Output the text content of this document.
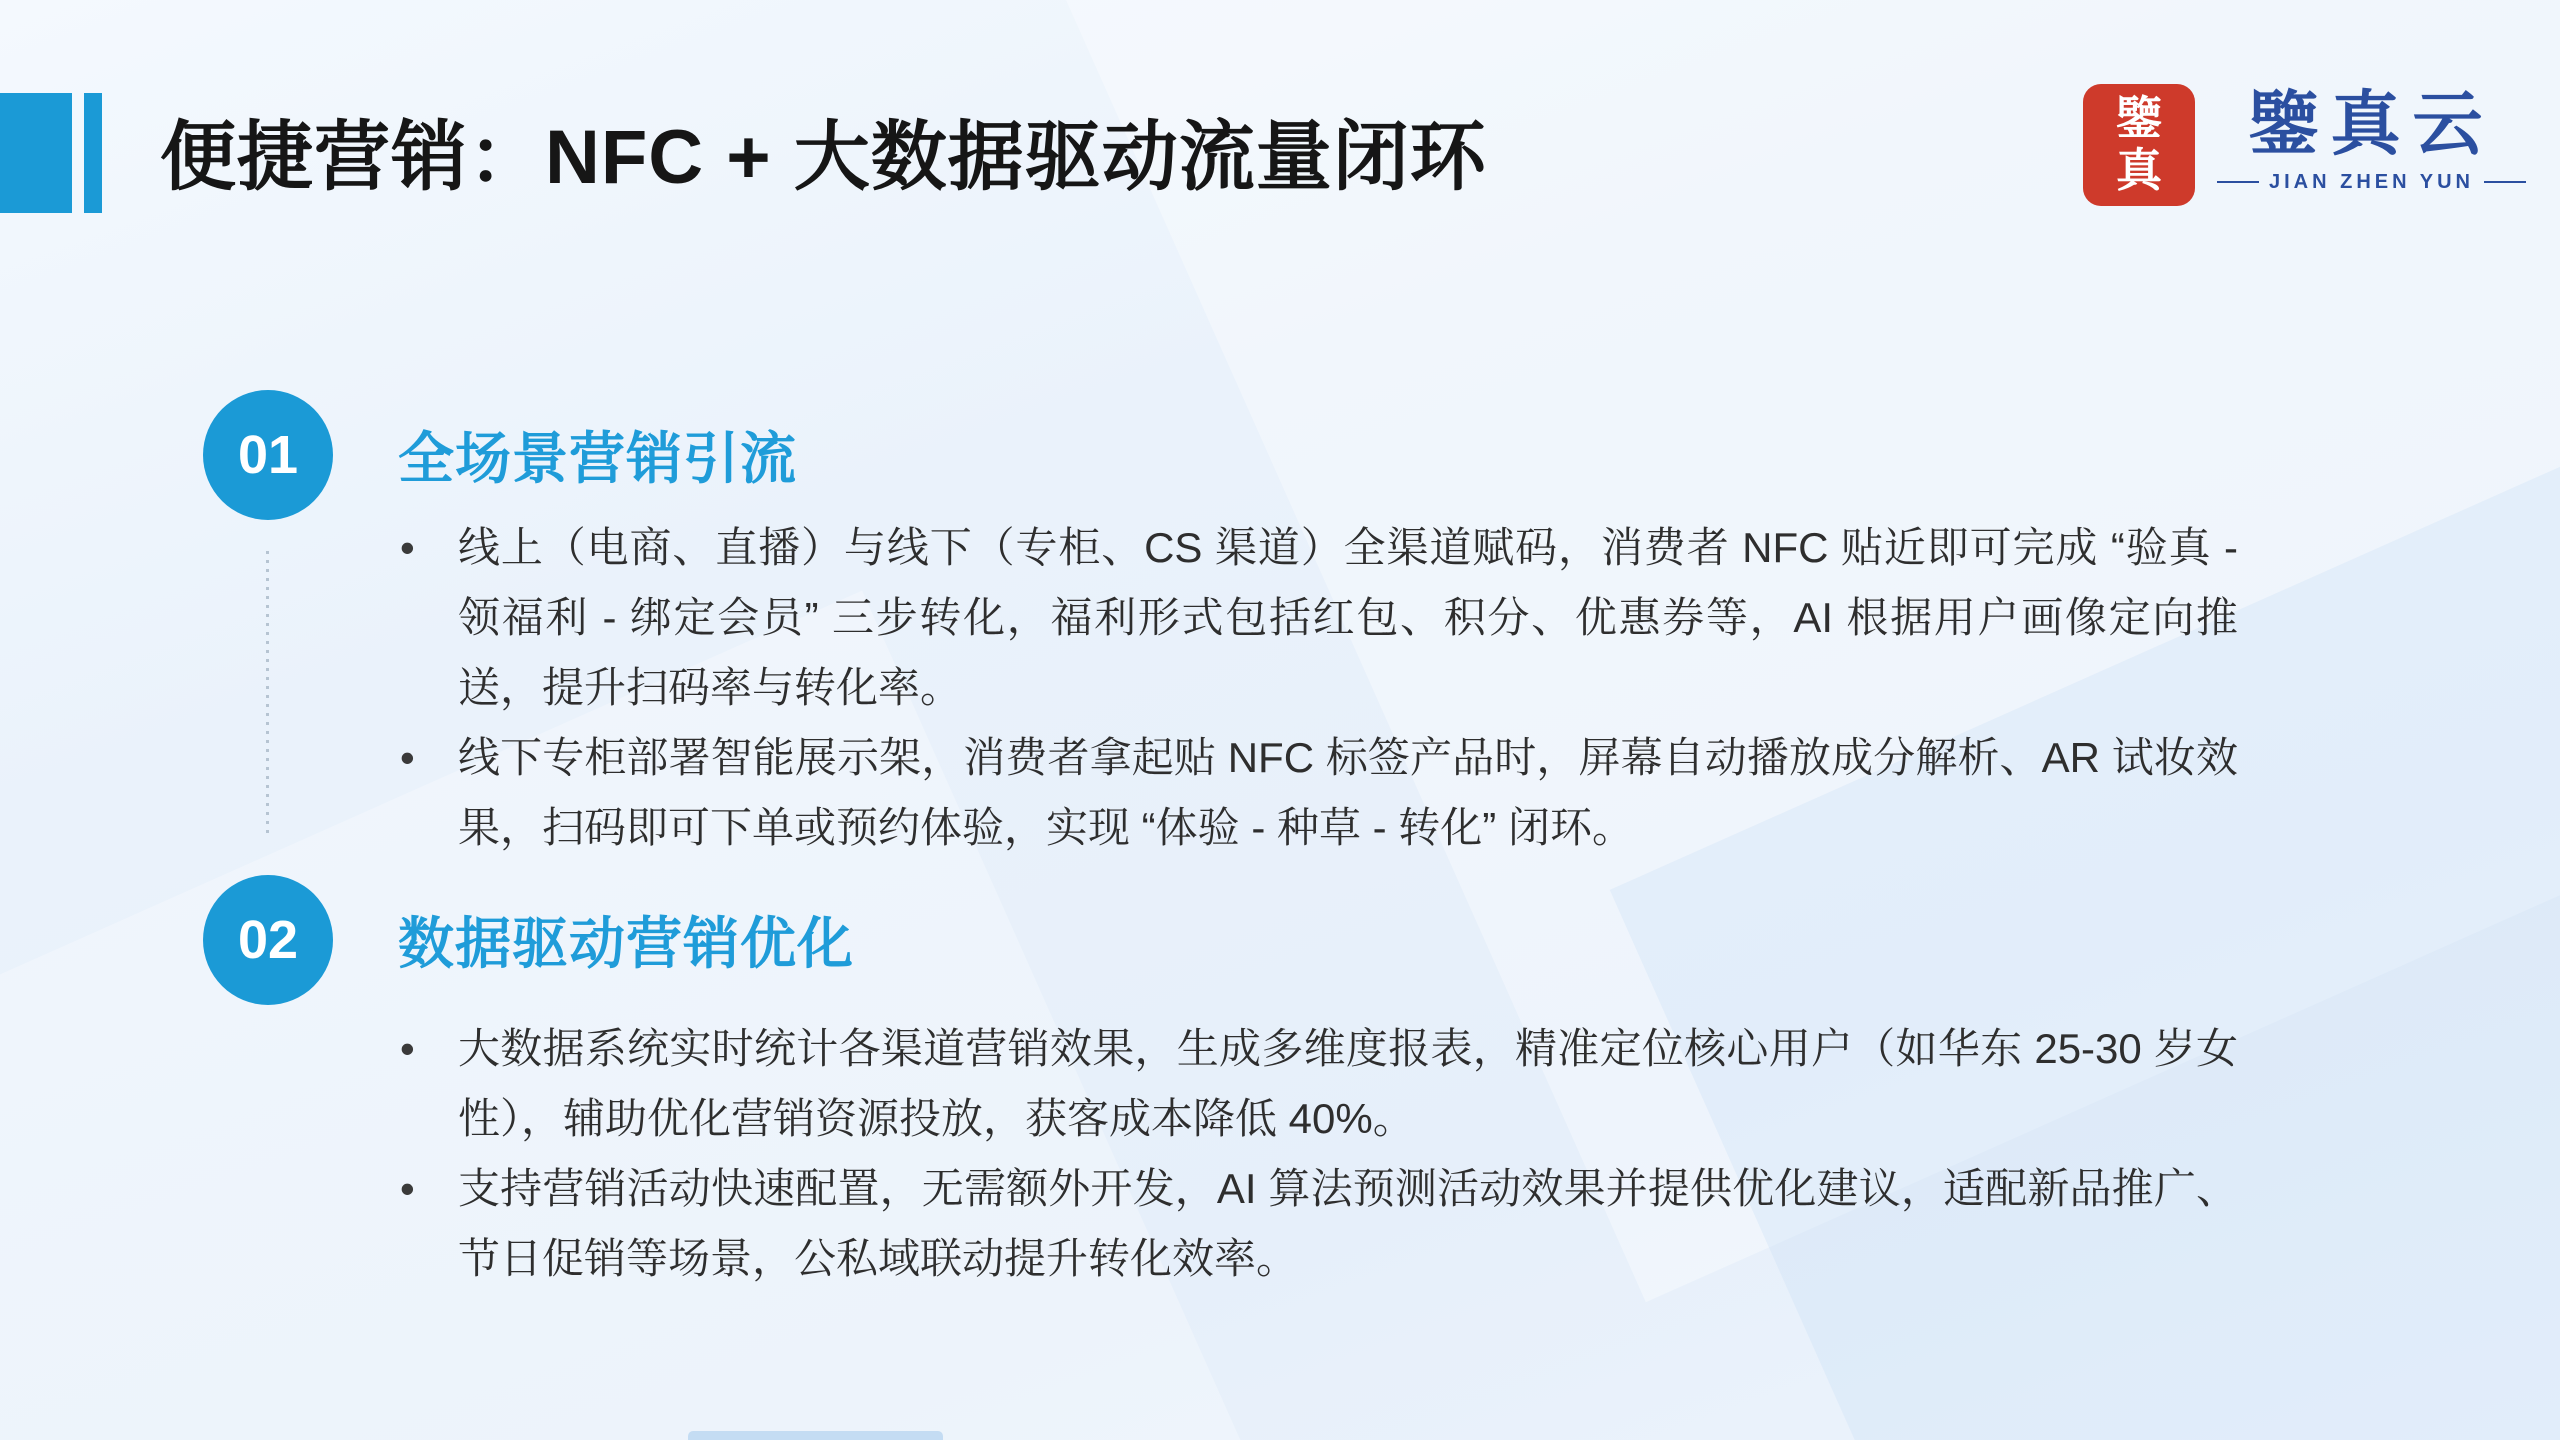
便捷营销：NFC + 大数据驱动流量闭环	鑒
真
鑒真云
JIAN ZHEN YUN
01 全场景营销引流
• 线上（电商、直播）与线下（专柜、CS 渠道）全渠道赋码，消费者 NFC 贴近即可完成 “验真 - 领福利 - 绑定会员” 三步转化，福利形式包括红包、积分、优惠券等，AI 根据用户画像定向推送，提升扫码率与转化率。
• 线下专柜部署智能展示架，消费者拿起贴 NFC 标签产品时，屏幕自动播放成分解析、AR 试妆效果，扫码即可下单或预约体验，实现 “体验 - 种草 - 转化” 闭环。
02 数据驱动营销优化
• 大数据系统实时统计各渠道营销效果，生成多维度报表，精准定位核心用户（如华东 25-30 岁女性），辅助优化营销资源投放，获客成本降低 40%。
• 支持营销活动快速配置，无需额外开发，AI 算法预测活动效果并提供优化建议，适配新品推广、节日促销等场景，公私域联动提升转化效率。
